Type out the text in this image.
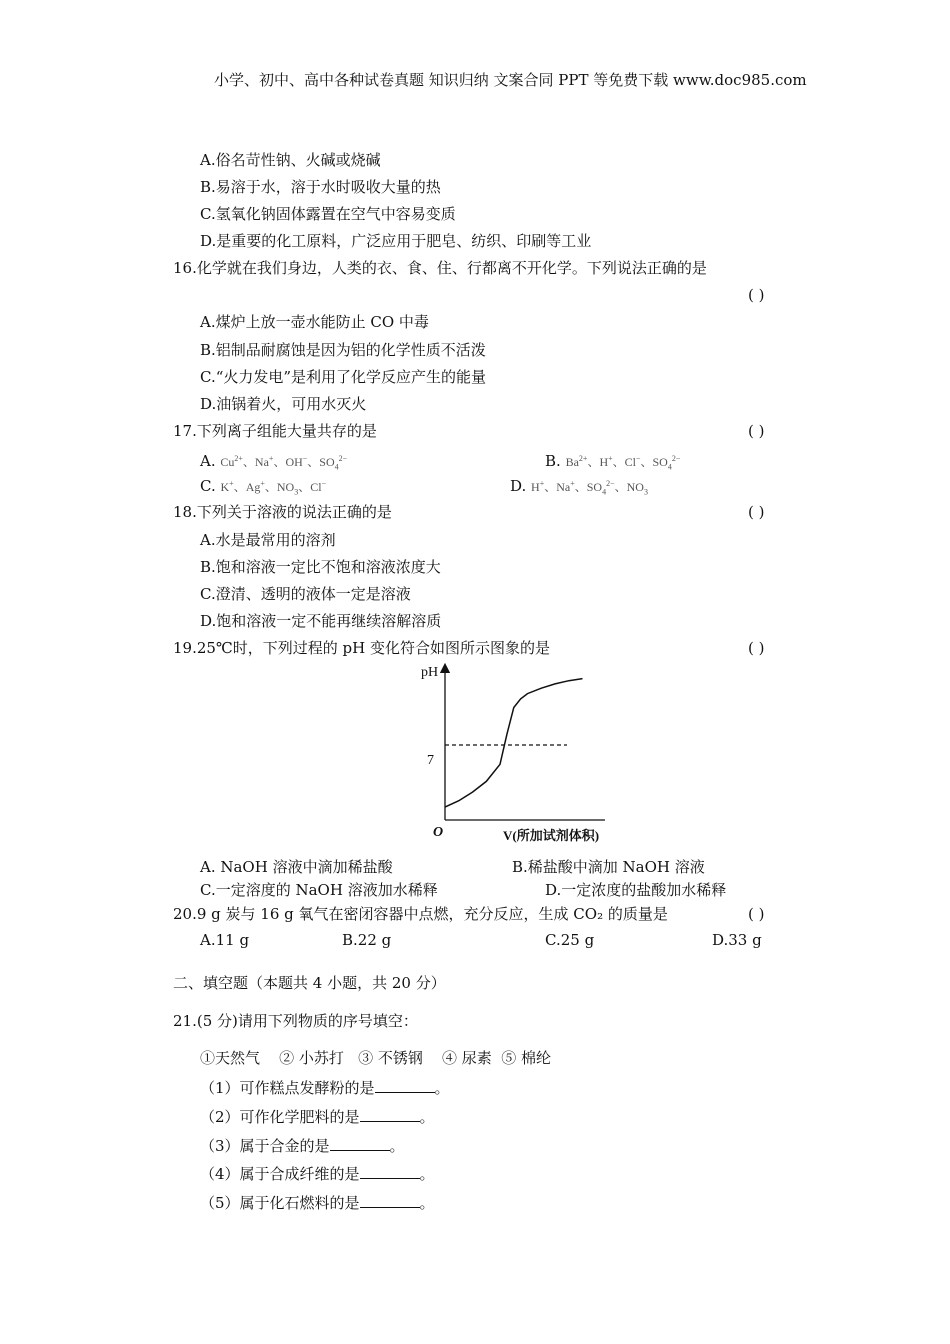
小学、初中、高中各种试卷真题 知识归纳 文案合同 PPT 等免费下载 www.doc985.com
A.俗名苛性钠、火碱或烧碱
B.易溶于水，溶于水时吸收大量的热
C.氢氧化钠固体露置在空气中容易变质
D.是重要的化工原料，广泛应用于肥皂、纺织、印刷等工业
16.化学就在我们身边，人类的衣、食、住、行都离不开化学。下列说法正确的是
( )
A.煤炉上放一壶水能防止 CO 中毒
B.铝制品耐腐蚀是因为铝的化学性质不活泼
C.“火力发电”是利用了化学反应产生的能量
D.油锅着火，可用水灭火
17.下列离子组能大量共存的是	( )
A. $Cu^{2+}$、Na+、OH−、$SO_4^{2-}$	B. $Ba^{2+}$、H+、Cl−、$SO_4^{2-}$
C. K+、Ag+、$NO_3$、Cl−	D. H+、Na+、$SO_4^{2-}$、$NO_3$
18.下列关于溶液的说法正确的是	( )
A.水是最常用的溶剂
B.饱和溶液一定比不饱和溶液浓度大
C.澄清、透明的液体一定是溶液
D.饱和溶液一定不能再继续溶解溶质
19.25℃时，下列过程的 pH 变化符合如图所示图象的是	( )
pH
O	V(所加试剂体积)
7
A. NaOH 溶液中滴加稀盐酸	B.稀盐酸中滴加 NaOH 溶液
C.一定溶度的 NaOH 溶液加水稀释	D.一定浓度的盐酸加水稀释
20.9 g 炭与 16 g 氧气在密闭容器中点燃，充分反应，生成 CO₂ 的质量是	( )
A.11 g	B.22 g	C.25 g	D.33 g
二、填空题（本题共 4 小题，共 20 分）
21.(5 分)请用下列物质的序号填空：
①天然气    ② 小苏打   ③ 不锈钢    ④ 尿素  ⑤ 棉纶
（1）可作糕点发酵粉的是	。
（2）可作化学肥料的是	。
（3）属于合金的是	。
（4）属于合成纤维的是	。
（5）属于化石燃料的是	。
